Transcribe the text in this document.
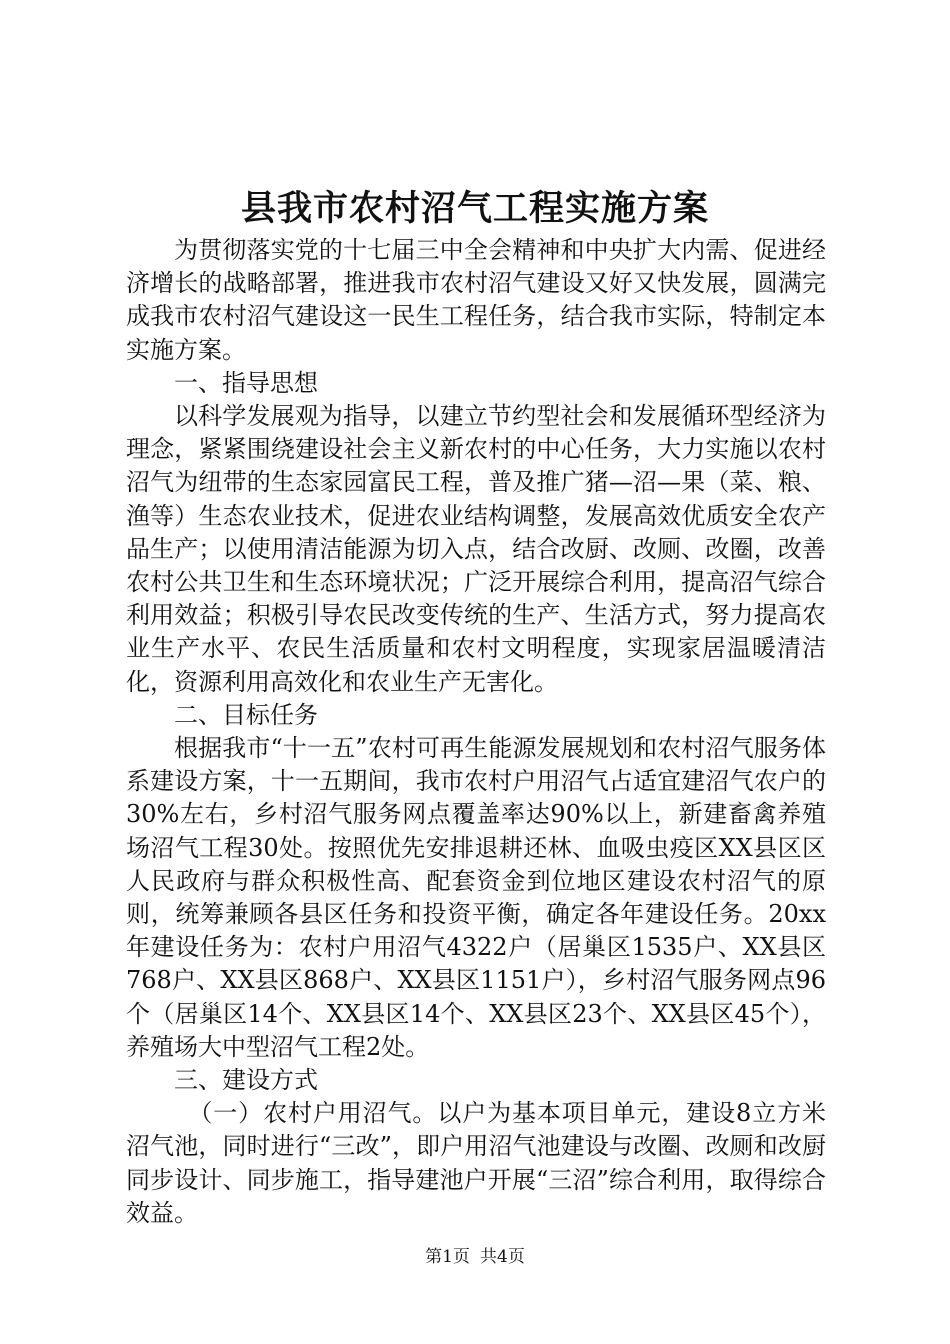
县我市农村沼气工程实施方案

为贯彻落实党的十七届三中全会精神和中央扩大内需、促进经济增长的战略部署，推进我市农村沼气建设又好又快发展，圆满完成我市农村沼气建设这一民生工程任务，结合我市实际，特制定本实施方案。

一、指导思想

以科学发展观为指导，以建立节约型社会和发展循环型经济为理念，紧紧围绕建设社会主义新农村的中心任务，大力实施以农村沼气为纽带的生态家园富民工程，普及推广猪—沼—果（菜、粮、渔等）生态农业技术，促进农业结构调整，发展高效优质安全农产品生产；以使用清洁能源为切入点，结合改厨、改厕、改圈，改善农村公共卫生和生态环境状况；广泛开展综合利用，提高沼气综合利用效益；积极引导农民改变传统的生产、生活方式，努力提高农业生产水平、农民生活质量和农村文明程度，实现家居温暖清洁化，资源利用高效化和农业生产无害化。

二、目标任务

根据我市“十一五”农村可再生能源发展规划和农村沼气服务体系建设方案，十一五期间，我市农村户用沼气占适宜建沼气农户的30%左右，乡村沼气服务网点覆盖率达90%以上，新建畜禽养殖场沼气工程30处。按照优先安排退耕还林、血吸虫疫区XX县区区人民政府与群众积极性高、配套资金到位地区建设农村沼气的原则，统筹兼顾各县区任务和投资平衡，确定各年建设任务。20xx年建设任务为：农村户用沼气4322户（居巢区1535户、XX县区768户、XX县区868户、XX县区1151户），乡村沼气服务网点96个（居巢区14个、XX县区14个、XX县区23个、XX县区45个），养殖场大中型沼气工程2处。

三、建设方式

（一）农村户用沼气。以户为基本项目单元，建设8立方米沼气池，同时进行“三改”，即户用沼气池建设与改圈、改厕和改厨同步设计、同步施工，指导建池户开展“三沼”综合利用，取得综合效益。

第1页 共4页
